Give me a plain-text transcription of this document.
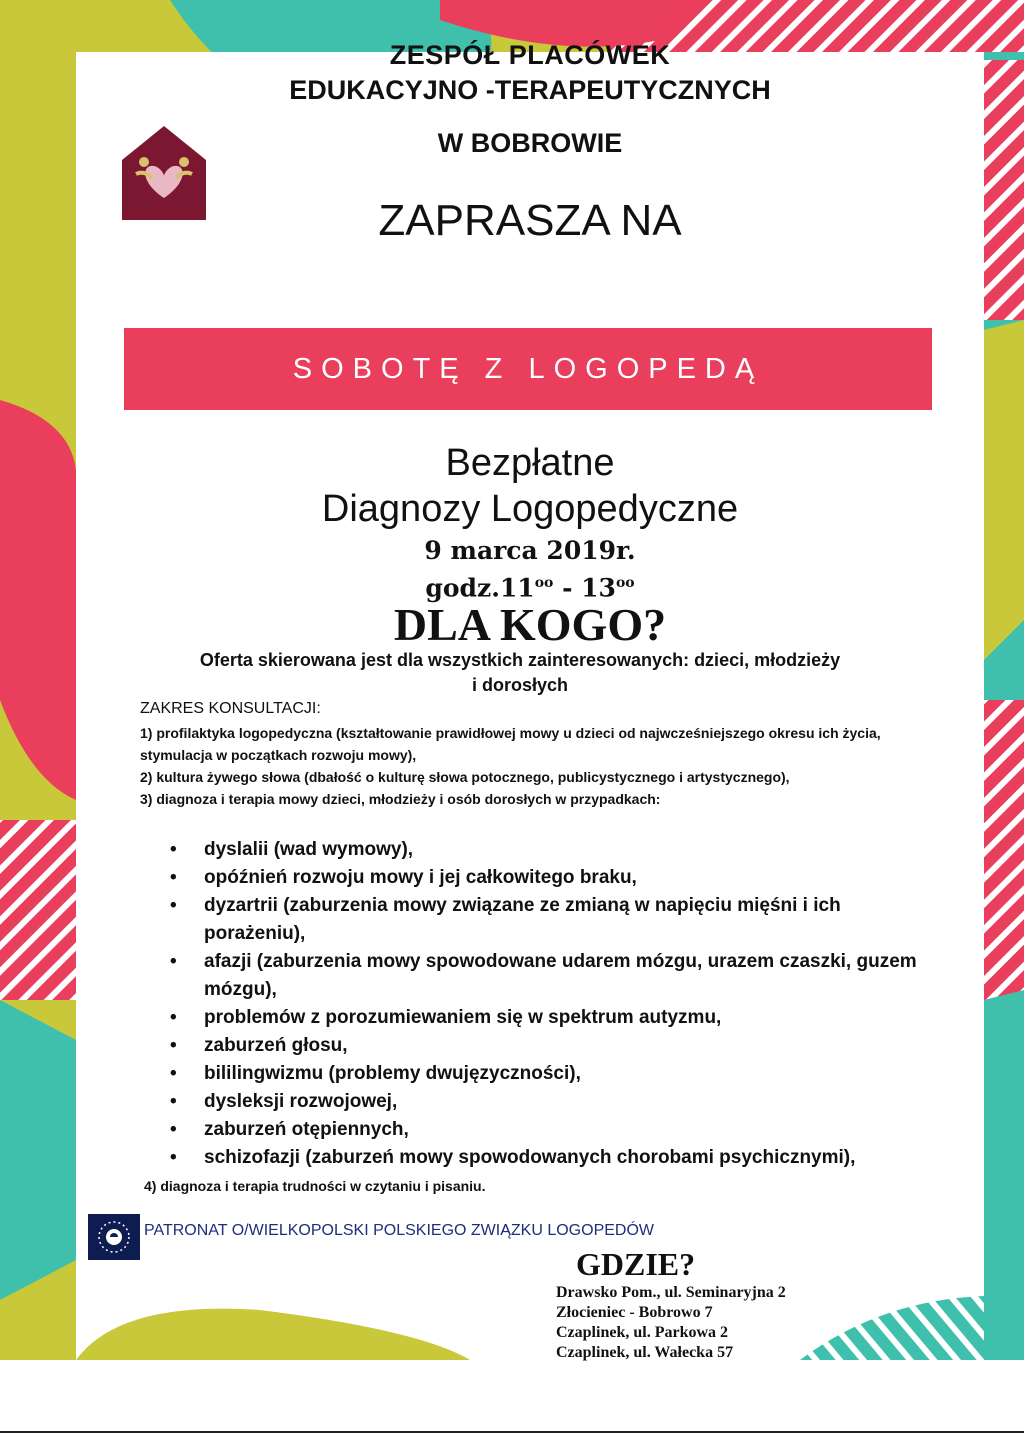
ZESPÓŁ PLACÓWEK
EDUKACYJNO -TERAPEUTYCZNYCH
W BOBROWIE
ZAPRASZA NA
SOBOTĘ Z LOGOPEDĄ
Bezpłatne
Diagnozy Logopedyczne
9 marca 2019r.
$godz.11^{oo} - 13^{oo}$
DLA KOGO?
Oferta skierowana jest dla wszystkich zainteresowanych: dzieci, młodzieży
i dorosłych
ZAKRES KONSULTACJI:

1) profilaktyka logopedyczna (kształtowanie prawidłowej mowy u dzieci od najwcześniejszego okresu ich życia, stymulacja w początkach rozwoju mowy),

2) kultura żywego słowa (dbałość o kulturę słowa potocznego, publicystycznego i artystycznego),

3) diagnoza i terapia mowy dzieci, młodzieży i osób dorosłych w przypadkach:

• dyslalii (wad wymowy),
• opóźnień rozwoju mowy i jej całkowitego braku,
• dyzartrii (zaburzenia mowy związane ze zmianą w napięciu mięśni i ich porażeniu),
• afazji (zaburzenia mowy spowodowane udarem mózgu, urazem czaszki, guzem mózgu),
• problemów z porozumiewaniem się w spektrum autyzmu,
• zaburzeń głosu,
• bililingwizmu (problemy dwujęzyczności),
• dysleksji rozwojowej,
• zaburzeń otępiennych,
• schizofazji (zaburzeń mowy spowodowanych chorobami psychicznymi),
4) diagnoza i terapia trudności w czytaniu i pisaniu.
PATRONAT O/WIELKOPOLSKI POLSKIEGO ZWIĄZKU LOGOPEDÓW
GDZIE?

Drawsko Pom., ul. Seminaryjna 2

Złocieniec - Bobrowo 7

Czaplinek, ul. Parkowa 2

Czaplinek, ul. Wałecka 57
